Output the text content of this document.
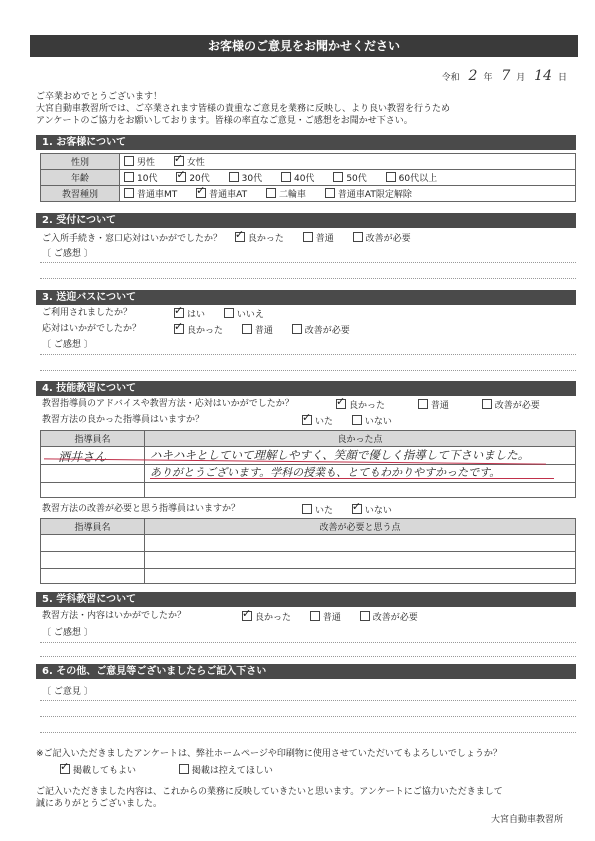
お客様のご意見をお聞かせください
令和 2 年 7 月 14 日
ご卒業おめでとうございます！
大宮自動車教習所では、ご卒業されます皆様の貴重なご意見を業務に反映し、より良い教習を行うため
アンケートのご協力をお願いしております。皆様の率直なご意見・ご感想をお聞かせ下さい。
1. お客様について
性別	男性 ✓ 女性
年齢	10代 ✓ 20代 30代 40代 50代 60代以上
教習種別	普通車MT ✓ 普通車AT 二輪車 普通車AT限定解除
2. 受付について
ご入所手続き・窓口応対はいかがでしたか？ ✓	良かった	普通	改善が必要
〔 ご感想 〕
3. 送迎バスについて
ご利用されましたか？ ✓	はい	いいえ
応対はいかがでしたか？ ✓	良かった	普通	改善が必要
〔 ご感想 〕
4. 技能教習について
教習指導員のアドバイスや教習方法・応対はいかがでしたか？ ✓	良かった	普通	改善が必要
教習方法の良かった指導員はいますか？ ✓	いた	いない
指導員名	良かった点

酒井さん	ハキハキとしていて理解しやすく、笑顔で優しく指導して下さいました。
ありがとうございます。学科の授業も、とてもわかりやすかったです。
教習方法の改善が必要と思う指導員はいますか？	いた ✓	いない
指導員名	改善が必要と思う点

5. 学科教習について
教習方法・内容はいかがでしたか？ ✓	良かった	普通	改善が必要
〔 ご感想 〕
6. その他、ご意見等ございましたらご記入下さい
〔 ご意見 〕
※ご記入いただきましたアンケートは、弊社ホームページや印刷物に使用させていただいてもよろしいでしょうか？
✓掲載してもよい	掲載は控えてほしい
ご記入いただきました内容は、これからの業務に反映していきたいと思います。アンケートにご協力いただきまして
誠にありがとうございました。
大宮自動車教習所
